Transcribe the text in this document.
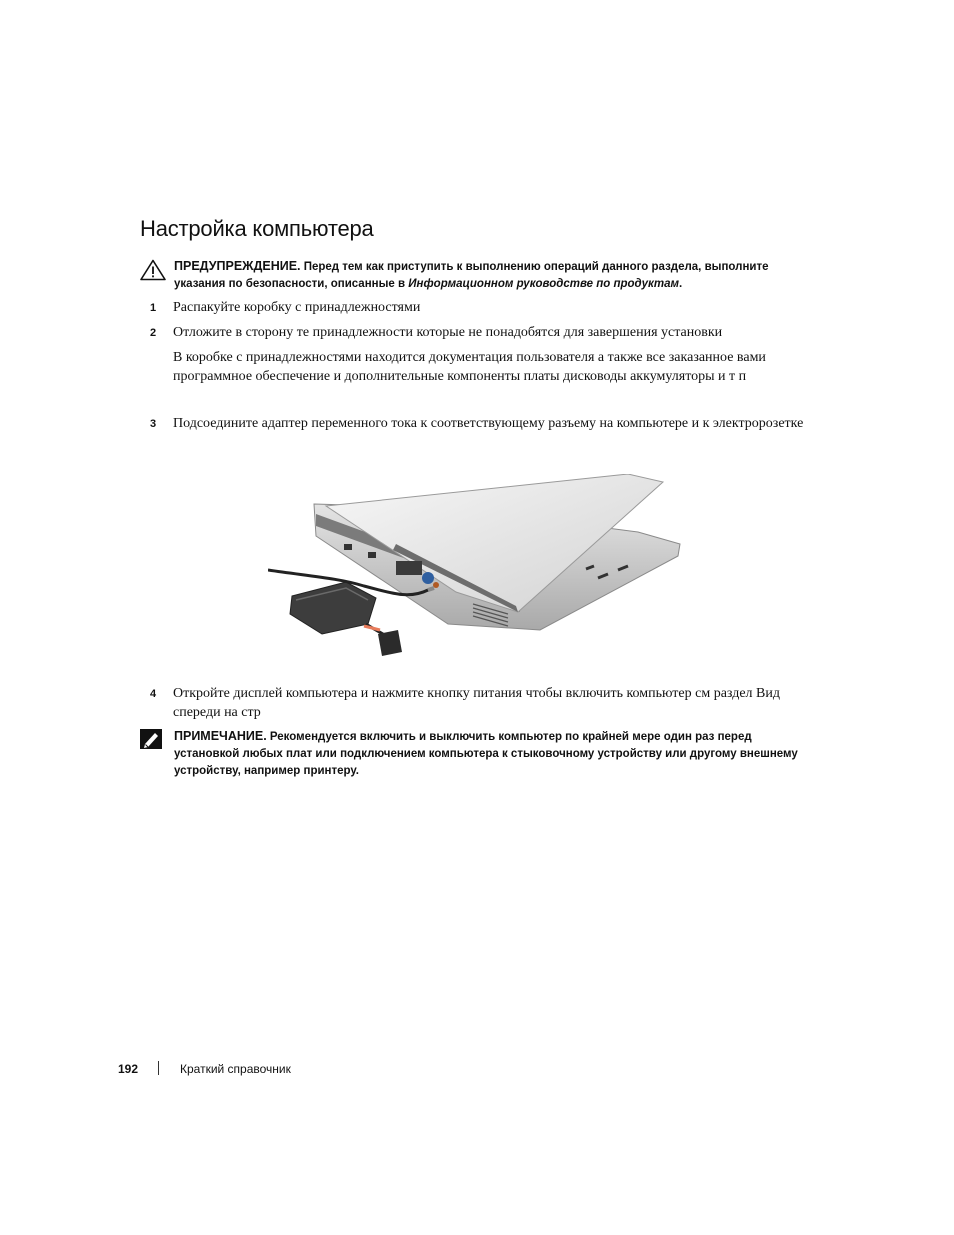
Настройка компьютера
ПРЕДУПРЕЖДЕНИЕ. Перед тем как приступить к выполнению операций данного раздела, выполните указания по безопасности, описанные в Информационном руководстве по продуктам.
1 Распакуйте коробку с принадлежностями
2 Отложите в сторону те принадлежности которые не понадобятся для завершения установки
В коробке с принадлежностями находится документация пользователя а также все заказанное вами программное обеспечение и дополнительные компоненты платы дисководы аккумуляторы и т п
3 Подсоедините адаптер переменного тока к соответствующему разъему на компьютере и к электророзетке
4 Откройте дисплей компьютера и нажмите кнопку питания чтобы включить компьютер см раздел Вид спереди на стр
ПРИМЕЧАНИЕ. Рекомендуется включить и выключить компьютер по крайней мере один раз перед установкой любых плат или подключением компьютера к стыковочному устройству или другому внешнему устройству, например принтеру.
192	Краткий справочник
